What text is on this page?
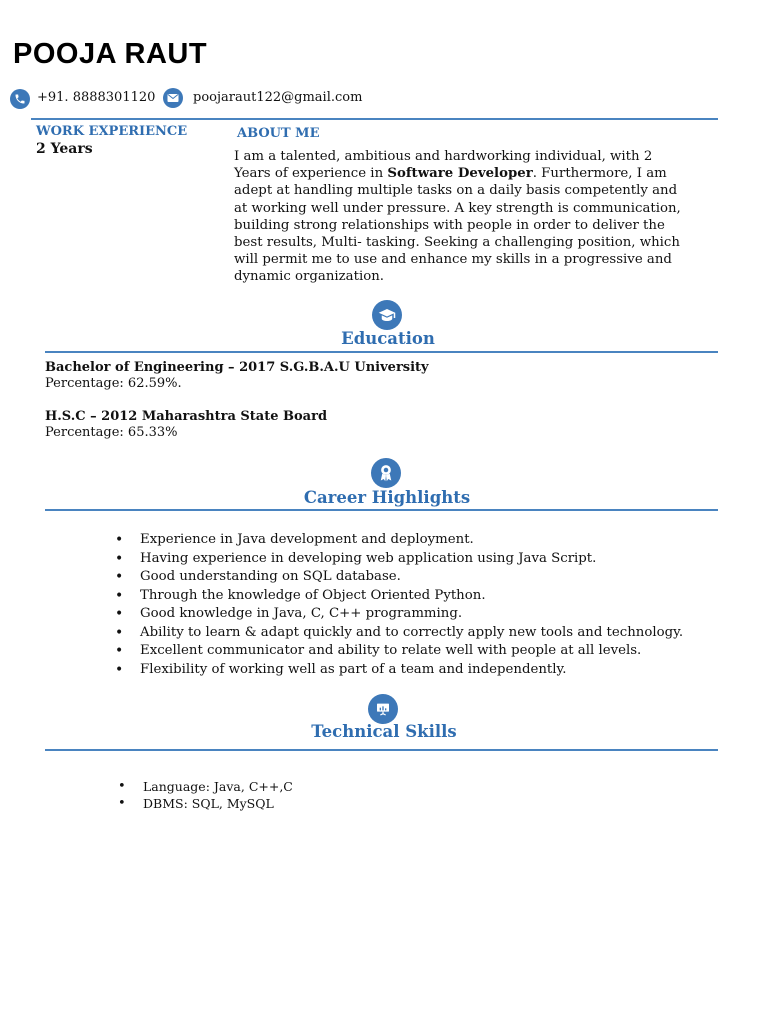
POOJA RAUT
+91. 8888301120	poojaraut122@gmail.com
WORK EXPERIENCE
2 Years
ABOUT ME
I am a talented, ambitious and hardworking individual, with 2 Years of experience in Software Developer. Furthermore, I am adept at handling multiple tasks on a daily basis competently and at working well under pressure. A key strength is communication, building strong relationships with people in order to deliver the best results, Multi- tasking. Seeking a challenging position, which will permit me to use and enhance my skills in a progressive and dynamic organization.
Education
Bachelor of Engineering – 2017 S.G.B.A.U University
Percentage: 62.59%.
H.S.C – 2012 Maharashtra State Board
Percentage: 65.33%
Career Highlights
• Experience in Java development and deployment.
• Having experience in developing web application using Java Script.
• Good understanding on SQL database.
• Through the knowledge of Object Oriented Python.
• Good knowledge in Java, C, C++ programming.
• Ability to learn & adapt quickly and to correctly apply new tools and technology.
• Excellent communicator and ability to relate well with people at all levels.
• Flexibility of working well as part of a team and independently.
Technical Skills
• Language: Java, C++,C
• DBMS: SQL, MySQL
